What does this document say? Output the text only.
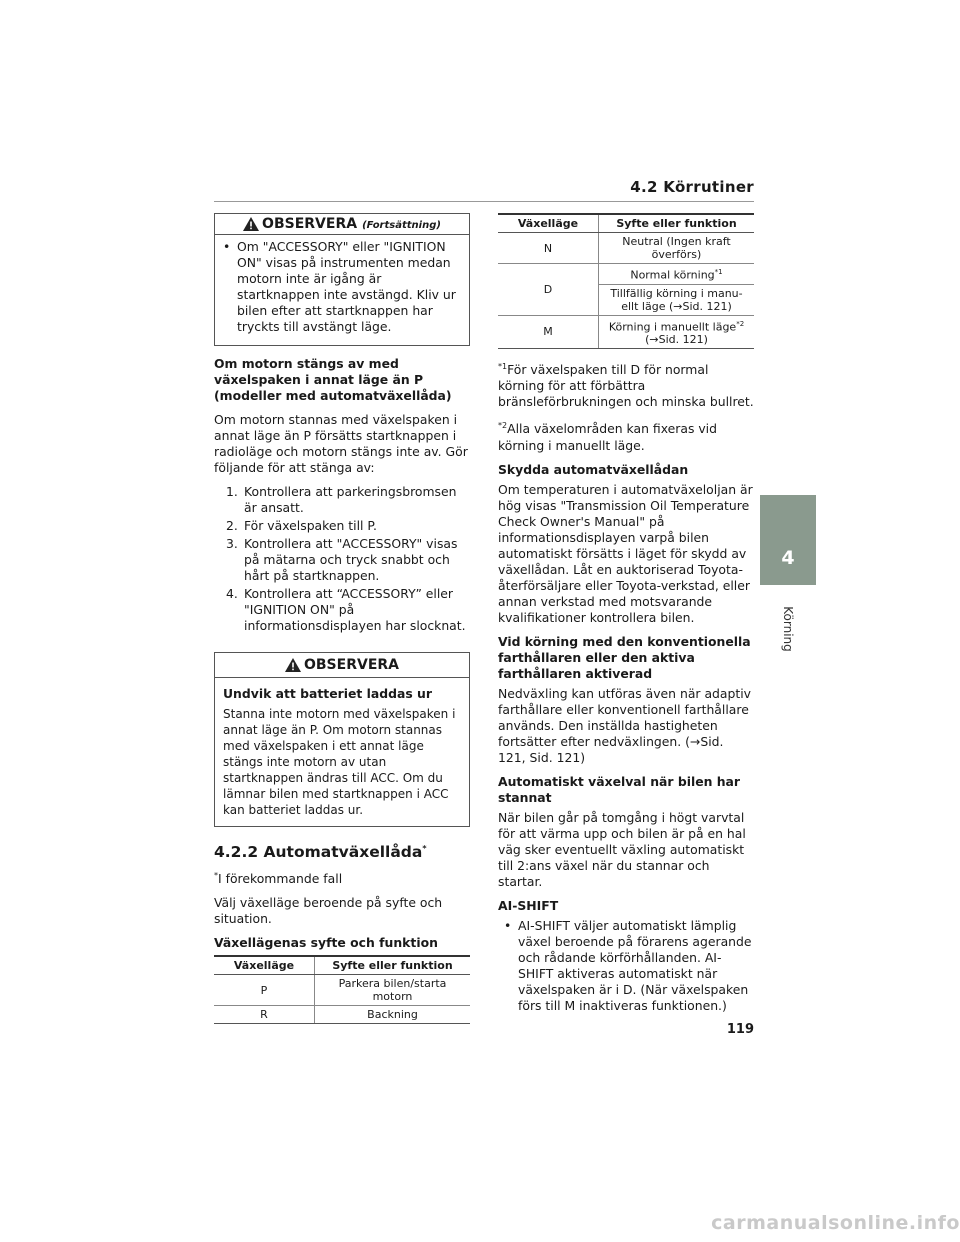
4.2 Körrutiner
4
Körning
OBSERVERA (Fortsättning)
• Om "ACCESSORY" eller "IGNITION ON" visas på instrumenten medan motorn inte är igång är startknappen inte avstängd. Kliv ur bilen efter att startknappen har tryckts till avstängt läge.
Om motorn stängs av med växelspaken i annat läge än P (modeller med automatväxellåda)
Om motorn stannas med växelspaken i annat läge än P försätts startknappen i radioläge och motorn stängs inte av. Gör följande för att stänga av:
1. Kontrollera att parkeringsbromsen är ansatt.
2. För växelspaken till P.
3. Kontrollera att "ACCESSORY" visas på mätarna och tryck snabbt och hårt på startknappen.
4. Kontrollera att “ACCESSORY” eller "IGNITION ON" på informationsdisplayen har slocknat.
OBSERVERA
Undvik att batteriet laddas ur
Stanna inte motorn med växelspaken i annat läge än P. Om motorn stannas med växelspaken i ett annat läge stängs inte motorn av utan startknappen ändras till ACC. Om du lämnar bilen med startknappen i ACC kan batteriet laddas ur.
4.2.2 Automatväxellåda*
*I förekommande fall
Välj växelläge beroende på syfte och situation.
Växellägenas syfte och funktion
Växelläge	Syfte eller funktion
P	Parkera bilen/starta motorn
R	Backning
Växelläge	Syfte eller funktion
N	Neutral (Ingen kraft överförs)
D	Normal körning$^{*1}$
	Tillfällig körning i manu- ellt läge (→Sid. 121)
M	Körning i manuellt läge$^{*2}$
(→Sid. 121)
$^{*1}$För växelspaken till D för normal körning för att förbättra bränsleförbrukningen och minska bullret.
$^{*2}$Alla växelområden kan fixeras vid körning i manuellt läge.
Skydda automatväxellådan
Om temperaturen i automatväxeloljan är hög visas "Transmission Oil Temperature Check Owner's Manual" på informationsdisplayen varpå bilen automatiskt försätts i läget för skydd av växellådan. Låt en auktoriserad Toyota-återförsäljare eller Toyota-verkstad, eller annan verkstad med motsvarande kvalifikationer kontrollera bilen.
Vid körning med den konventionella farthållaren eller den aktiva farthållaren aktiverad
Nedväxling kan utföras även när adaptiv farthållare eller konventionell farthållare används. Den inställda hastigheten fortsätter efter nedväxlingen. (→Sid. 121, Sid. 121)
Automatiskt växelval när bilen har stannat
När bilen går på tomgång i högt varvtal för att värma upp och bilen är på en hal väg sker eventuellt växling automatiskt till 2:ans växel när du stannar och startar.
AI-SHIFT
• AI-SHIFT väljer automatiskt lämplig växel beroende på förarens agerande och rådande körförhållanden. AI-SHIFT aktiveras automatiskt när växelspaken är i D. (När växelspaken förs till M inaktiveras funktionen.)
119
carmanualsonline.info
